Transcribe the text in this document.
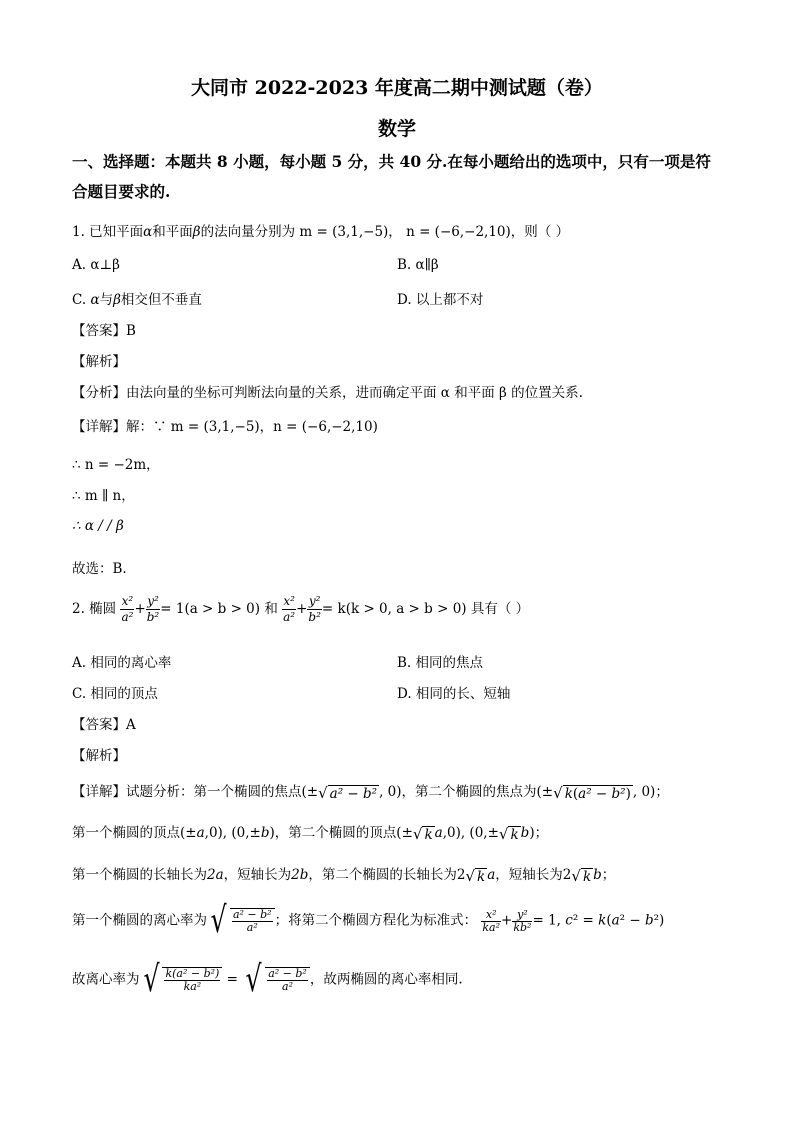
大同市 2022-2023 年度高二期中测试题（卷）
数学
一、选择题：本题共 8 小题，每小题 5 分，共 40 分.在每小题给出的选项中，只有一项是符
合题目要求的.
1. 已知平面α和平面β的法向量分别为 m = (3,1,−5)， n = (−6,−2,10)，则（ ）
A. α⊥β	B. α∥β
C. α与β相交但不垂直	D. 以上都不对
【答案】B
【解析】
【分析】由法向量的坐标可判断法向量的关系，进而确定平面 α 和平面 β 的位置关系.
【详解】解：∵ m = (3,1,−5)，n = (−6,−2,10)
∴ n = −2m，
∴ m ∥ n，
∴ α / / β
故选：B.
2. 椭圆 $\frac{\text{x²}}{\text{a²}} + \frac{\text{y²}}{\text{b²}} = 1(a > b > 0)$ 和 $\frac{\text{x²}}{\text{a²}} + \frac{\text{y²}}{\text{b²}} = k(k > 0$, a > b > 0) 具有（ ）
A. 相同的离心率	B. 相同的焦点
C. 相同的顶点	D. 相同的长、短轴
【答案】A
【解析】
【详解】试题分析：第一个椭圆的焦点(±√ a² − b² , 0)，第二个椭圆的焦点为(±√ k(a² − b²) , 0)；
第一个椭圆的顶点(±a,0), (0,±b)，第二个椭圆的顶点(±√ k a,0), (0,±√ k b)；
第一个椭圆的长轴长为2a，短轴长为2b，第二个椭圆的长轴长为2√ k a，短轴长为2√ k b；
第一个椭圆的离心率为√ $\frac{\text{a² − b²}}{\text{a²}}$ ；将第二个椭圆方程化为标准式： $\frac{\text{x²}}{\text{ka²}} + \frac{\text{y²}}{\text{kb²}} = 1$, c² = k(a² − b²)
故离心率为√ $\frac{\text{k(a² − b²)}}{\text{ka²}}$ = √ $\frac{\text{a² − b²}}{\text{a²}}$ ，故两椭圆的离心率相同.
